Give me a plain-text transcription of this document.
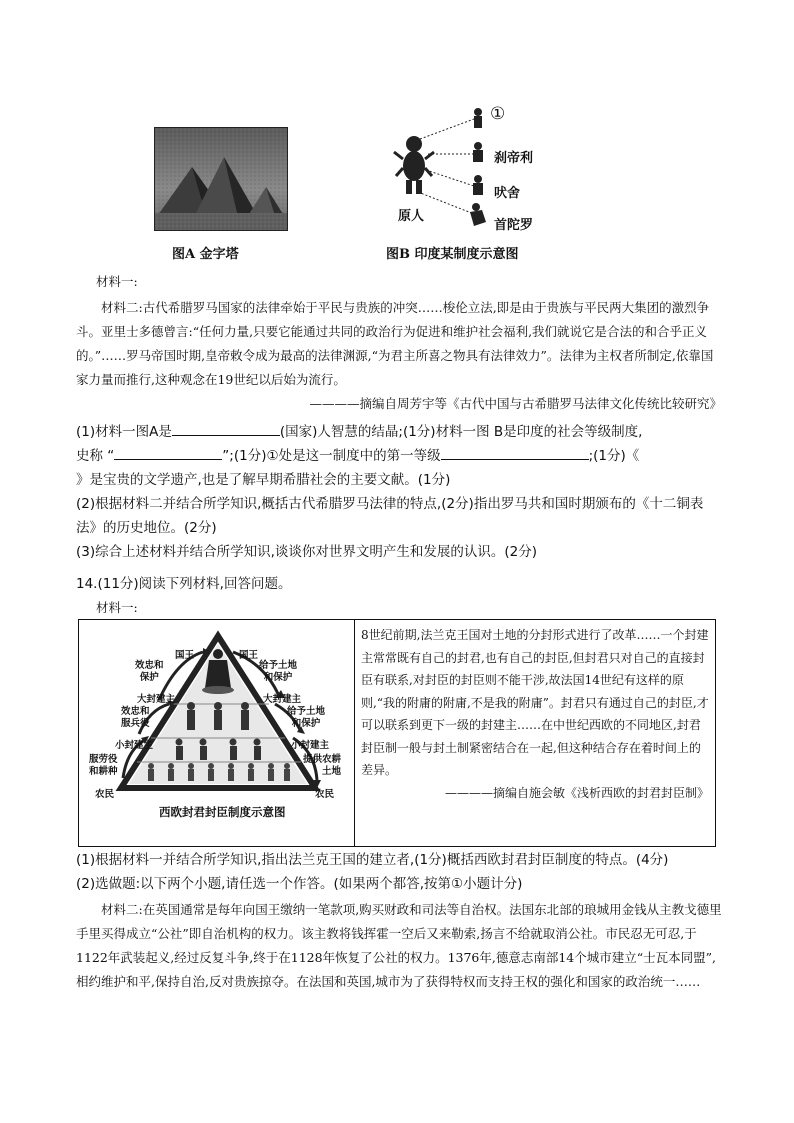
图A 金字塔
①
刹帝利
吠舍
首陀罗
原人
图B 印度某制度示意图
材料一:

材料二:古代希腊罗马国家的法律牵始于平民与贵族的冲突……梭伦立法,即是由于贵族与平民两大集团的激烈争斗。亚里士多德曾言:“任何力量,只要它能通过共同的政治行为促进和维护社会福利,我们就说它是合法的和合乎正义的。”……罗马帝国时期,皇帝敕令成为最高的法律渊源,“为君主所喜之物具有法律效力”。法律为主权者所制定,依靠国家力量而推行,这种观念在19世纪以后始为流行。

————摘编自周芳宇等《古代中国与古希腊罗马法律文化传统比较研究》

(1)材料一图A是	(国家)人智慧的结晶;(1分)材料一图 B是印度的社会等级制度,

史称 “	”;(1分)①处是这一制度中的第一等级	;(1分)《

》是宝贵的文学遗产,也是了解早期希腊社会的主要文献。(1分)

(2)根据材料二并结合所学知识,概括古代希腊罗马法律的特点,(2分)指出罗马共和国时期颁布的《十二铜表法》的历史地位。(2分)

(3)综合上述材料并结合所学知识,谈谈你对世界文明产生和发展的认识。(2分)

14.(11分)阅读下列材料,回答问题。
材料一:
国王	国王
效忠和
保护
给予土地
和保护
大封建主	大封建主
效忠和
服兵役
给予土地
和保护
小封建主	小封建主
服劳役
和耕种
提供农耕
土地
农民	农民
西欧封君封臣制度示意图

8世纪前期,法兰克王国对土地的分封形式进行了改革……一个封建主常常既有自己的封君,也有自己的封臣,但封君只对自己的直接封臣有联系,对封臣的封臣则不能干涉,故法国14世纪有这样的原则,“我的附庸的附庸,不是我的附庸”。封君只有通过自己的封臣,才可以联系到更下一级的封建主……在中世纪西欧的不同地区,封君封臣制一般与封土制紧密结合在一起,但这种结合存在着时间上的差异。

————摘编自施会敏《浅析西欧的封君封臣制》

(1)根据材料一并结合所学知识,指出法兰克王国的建立者,(1分)概括西欧封君封臣制度的特点。(4分)

(2)选做题:以下两个小题,请任选一个作答。(如果两个都答,按第①小题计分)

材料二:在英国通常是每年向国王缴纳一笔款项,购买财政和司法等自治权。法国东北部的琅城用金钱从主教戈德里手里买得成立“公社”即自治机构的权力。该主教将钱挥霍一空后又来勒索,扬言不给就取消公社。市民忍无可忍,于1122年武装起义,经过反复斗争,终于在1128年恢复了公社的权力。1376年,德意志南部14个城市建立“士瓦本同盟”,相约维护和平,保持自治,反对贵族掠夺。在法国和英国,城市为了获得特权而支持王权的强化和国家的政治统一……
